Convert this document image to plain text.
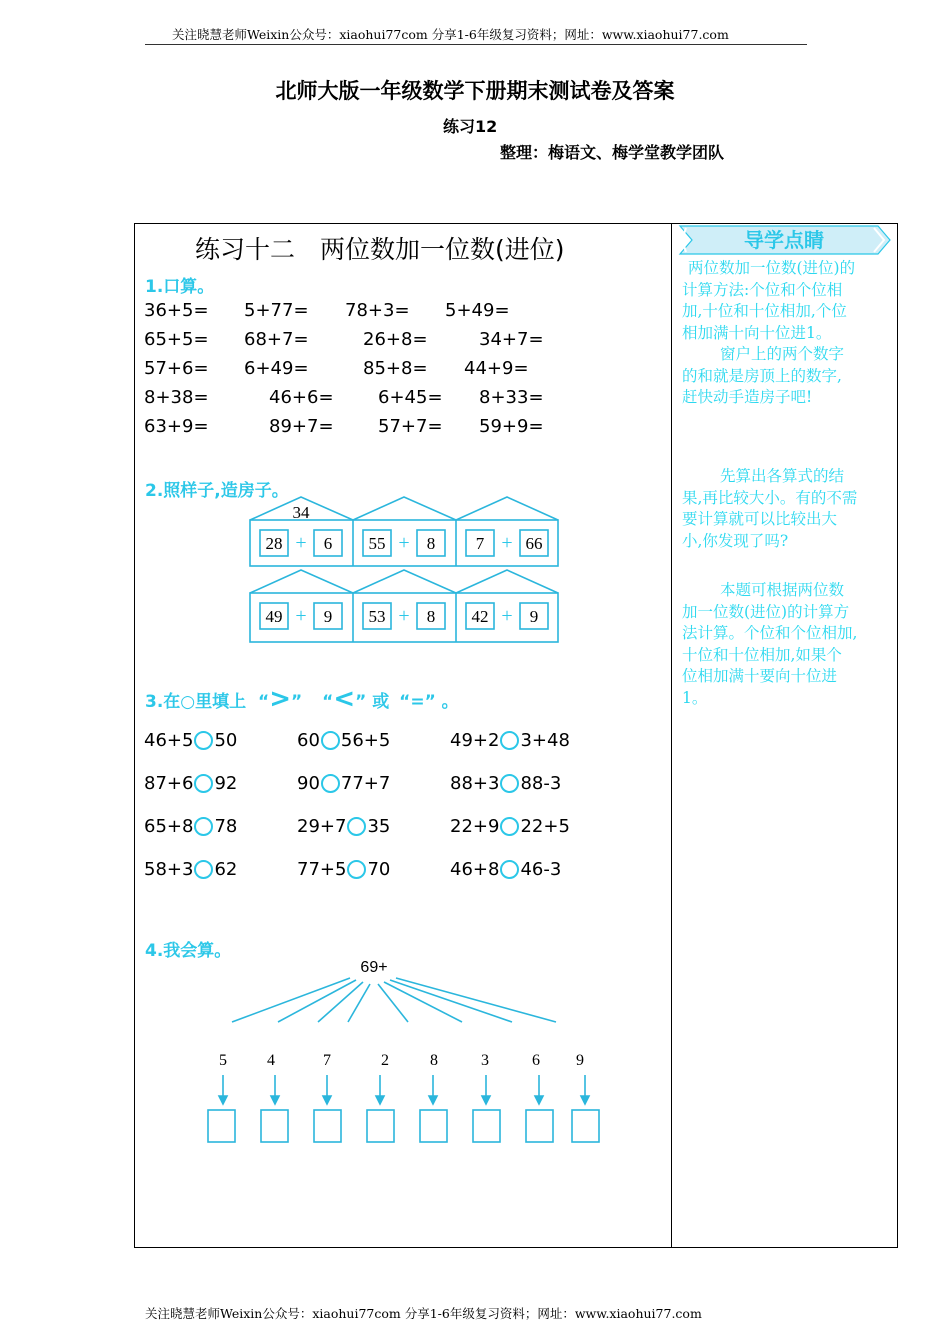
关注晓慧老师Weixin公众号：xiaohui77com 分享1-6年级复习资料；网址：www.xiaohui77.com
北师大版一年级数学下册期末测试卷及答案
练习12
整理：梅语文、梅学堂教学团队
练习十二　两位数加一位数(进位)
1.口算。
36+5= 5+77= 78+3= 5+49=
65+5= 68+7=	26+8=	34+7=
57+6= 6+49=	85+8= 44+9=
8+38=	46+6= 6+45= 8+33=
63+9=	89+7= 57+7= 59+9=
2.照样子,造房子。
34
28 + 6 55 + 8 7 + 66
49 + 9 53 + 8 42 + 9
3.在○里填上 “>” “<” 或 “=” 。
46+5 50	60 56+5	49+2 3+48
87+6 92	90 77+7	88+3 88-3
65+8 78	29+7 35	22+9 22+5
58+3 62	77+5 70	46+8 46-3
4.我会算。
69+
5	4	7	2	8	3	6 9
导学点睛
两位数加一位数(进位)的
计算方法:个位和个位相
加,十位和十位相加,个位
相加满十向十位进1。
窗户上的两个数字
的和就是房顶上的数字,
赶快动手造房子吧!
先算出各算式的结
果,再比较大小。有的不需
要计算就可以比较出大
小,你发现了吗?
本题可根据两位数
加一位数(进位)的计算方
法计算。个位和个位相加,
十位和十位相加,如果个
位相加满十要向十位进
1。
关注晓慧老师Weixin公众号：xiaohui77com 分享1-6年级复习资料；网址：www.xiaohui77.com
